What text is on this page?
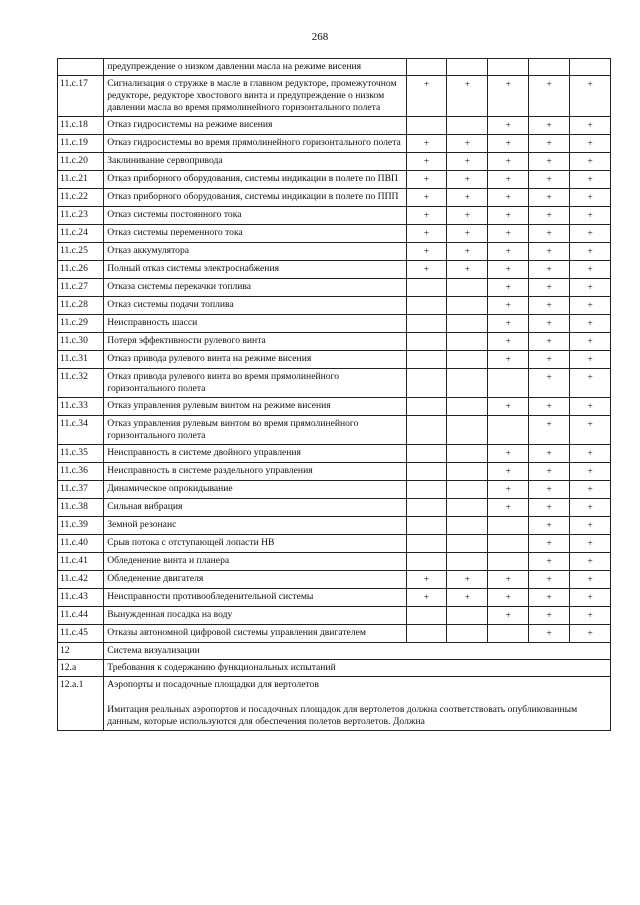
268
	предупреждение о низком давлении масла на режиме висения					
11.c.17	Сигнализация о стружке в масле в главном редукторе, промежуточном редукторе, редукторе хвостового винта и предупреждение о низком давлении масла во время прямолинейного горизонтального полета	+	+	+	+	+
11.c.18	Отказ гидросистемы на режиме висения			+	+	+
11.c.19	Отказ гидросистемы во время прямолинейного горизонтального полета	+	+	+	+	+
11.c.20	Заклинивание сервопривода	+	+	+	+	+
11.c.21	Отказ приборного оборудования, системы индикации в полете по ПВП	+	+	+	+	+
11.c.22	Отказ приборного оборудования, системы индикации в полете по ППП	+	+	+	+	+
11.c.23	Отказ системы постоянного тока	+	+	+	+	+
11.c.24	Отказ системы переменного тока	+	+	+	+	+
11.c.25	Отказ аккумулятора	+	+	+	+	+
11.c.26	Полный отказ системы электроснабжения	+	+	+	+	+
11.c.27	Отказа системы перекачки топлива			+	+	+
11.c.28	Отказ системы подачи топлива			+	+	+
11.c.29	Неисправность шасси			+	+	+
11.c.30	Потеря эффективности рулевого винта			+	+	+
11.c.31	Отказ привода рулевого винта на режиме висения			+	+	+
11.c.32	Отказ привода рулевого винта во время прямолинейного горизонтального полета				+	+
11.c.33	Отказ управления рулевым винтом на режиме висения			+	+	+
11.c.34	Отказ управления рулевым винтом во время прямолинейного горизонтального полета				+	+
11.c.35	Неисправность в системе двойного управления			+	+	+
11.c.36	Неисправность в системе раздельного управления			+	+	+
11.c.37	Динамическое опрокидывание			+	+	+
11.c.38	Сильная вибрация			+	+	+
11.c.39	Земной резонанс				+	+
11.c.40	Срыв потока с отступающей лопасти НВ				+	+
11.c.41	Обледенение винта и планера				+	+
11.c.42	Обледенение двигателя	+	+	+	+	+
11.c.43	Неисправности противообледенительной системы	+	+	+	+	+
11.c.44	Вынужденная посадка на воду			+	+	+
11.c.45	Отказы автономной цифровой системы управления двигателем				+	+
12	Система визуализации					
12.a	Требования к содержанию функциональных испытаний					
12.a.1	Аэропорты и посадочные площадки для вертолетов
Имитация реальных аэропортов и посадочных площадок для вертолетов должна соответствовать опубликованным данным, которые используются для обеспечения полетов вертолетов. Должна					
